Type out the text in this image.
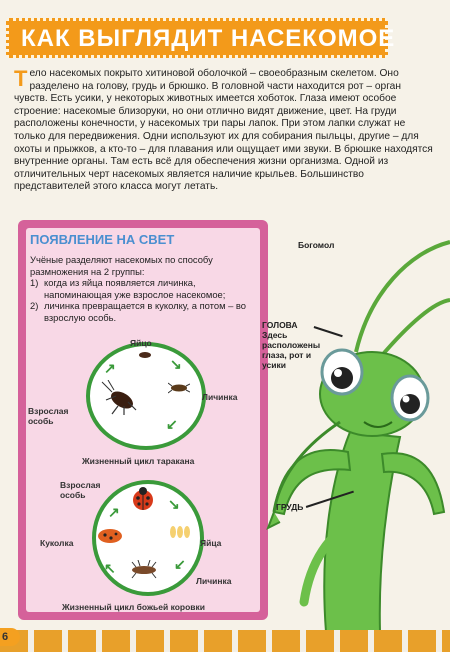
КАК ВЫГЛЯДИТ НАСЕКОМОЕ
Тело насекомых покрыто хитиновой оболочкой – своеобразным скелетом. Оно разделено на голову, грудь и брюшко. В головной части находится рот – орган чувств. Есть усики, у некоторых животных имеется хоботок. Глаза имеют особое строение: насекомые близоруки, но они отлично видят движение, цвет. На груди расположены конечности, у насекомых три пары лапок. При этом лапки служат не только для передвижения. Одни используют их для собирания пыльцы, другие – для охоты и прыжков, а кто-то – для плавания или ощущает ими звуки. В брюшке находятся внутренние органы. Там есть всё для обеспечения жизни организма. Одной из отличительных черт насекомых является наличие крыльев. Большинство представителей этого класса могут летать.
ПОЯВЛЕНИЕ НА СВЕТ
Учёные разделяют насекомых по способу размножения на 2 группы:
1) когда из яйца появляется личинка, напоминающая уже взрослое насекомое;
2) личинка превращается в куколку, а потом – во взрослую особь.
Яйцо
Личинка
Взрослая особь
↘
↙
↗
Жизненный цикл таракана
Взрослая особь
Куколка	Яйца
Личинка
↘
↙
↖
↗
Жизненный цикл божьей коровки
Богомол
ГОЛОВА
Здесь расположены глаза, рот и усики
ГРУДЬ
6
